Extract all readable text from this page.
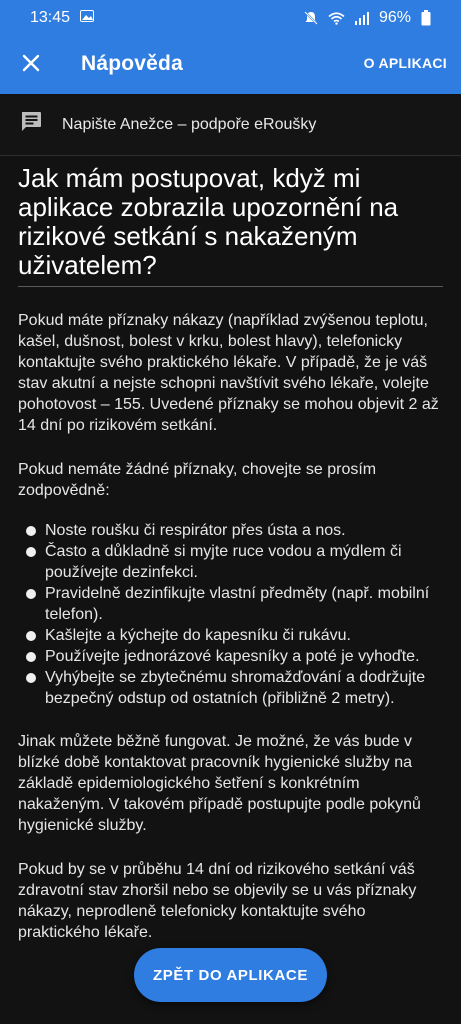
13:45	96%
Nápověda	O APLIKACI
Napište Anežce – podpoře eRoušky
Jak mám postupovat, když mi aplikace zobrazila upozornění na rizikové setkání s nakaženým uživatelem?

Pokud máte příznaky nákazy (například zvýšenou teplotu, kašel, dušnost, bolest v krku, bolest hlavy), telefonicky kontaktujte svého praktického lékaře. V případě, že je váš stav akutní a nejste schopni navštívit svého lékaře, volejte pohotovost – 155. Uvedené příznaky se mohou objevit 2 až 14 dní po rizikovém setkání.

Pokud nemáte žádné příznaky, chovejte se prosím zodpovědně:

Noste roušku či respirátor přes ústa a nos.
Často a důkladně si myjte ruce vodou a mýdlem či používejte dezinfekci.
Pravidelně dezinfikujte vlastní předměty (např. mobilní telefon).
Kašlejte a kýchejte do kapesníku či rukávu.
Používejte jednorázové kapesníky a poté je vyhoďte.
Vyhýbejte se zbytečnému shromažďování a dodržujte bezpečný odstup od ostatních (přibližně 2 metry).

Jinak můžete běžně fungovat. Je možné, že vás bude v blízké době kontaktovat pracovník hygienické služby na základě epidemiologického šetření s konkrétním nakaženým. V takovém případě postupujte podle pokynů hygienické služby.

Pokud by se v průběhu 14 dní od rizikového setkání váš zdravotní stav zhoršil nebo se objevily se u vás příznaky nákazy, neprodleně telefonicky kontaktujte svého praktického lékaře.

ZPĚT DO APLIKACE
